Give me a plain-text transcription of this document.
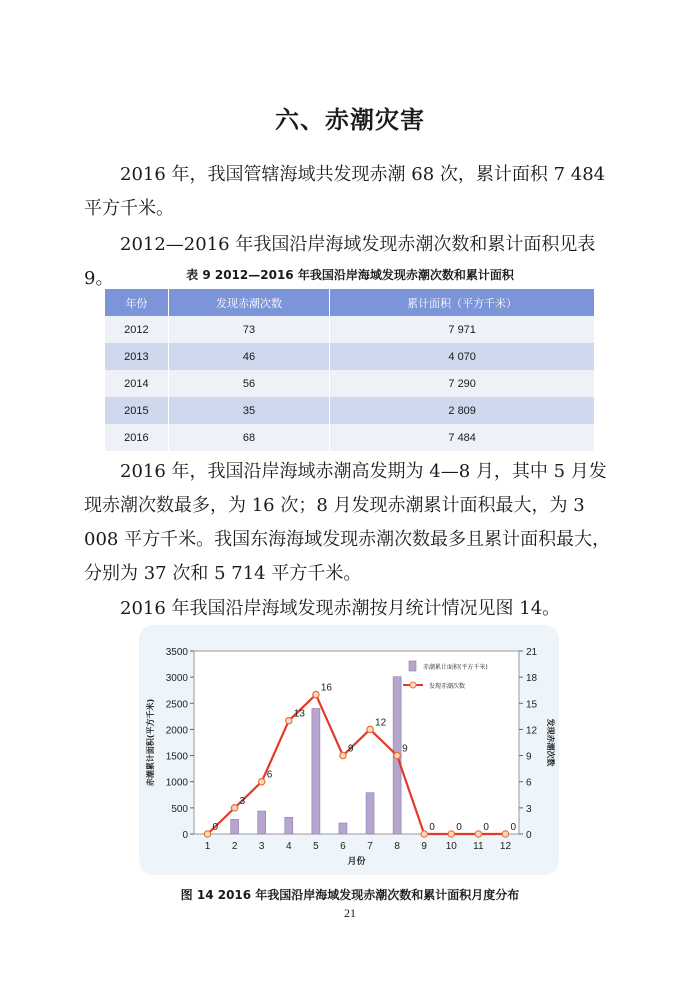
六、赤潮灾害

2016 年，我国管辖海域共发现赤潮 68 次，累计面积 7 484 平方千米。

2012—2016 年我国沿岸海域发现赤潮次数和累计面积见表 9。	表 9 2012—2016 年我国沿岸海域发现赤潮次数和累计面积
年份	发现赤潮次数	累计面积（平方千米）
2012	73	7 971
2013	46	4 070
2014	56	7 290
2015	35	2 809
2016	68	7 484

2016 年，我国沿岸海域赤潮高发期为 4—8 月，其中 5 月发现赤潮次数最多，为 16 次；8 月发现赤潮累计面积最大，为 3 008 平方千米。我国东海海域发现赤潮次数最多且累计面积最大，分别为 37 次和 5 714 平方千米。

2016 年我国沿岸海域发现赤潮按月统计情况见图 14。

0
500
1000
1500
2000
2500
3000
3500
0
3
6
9
12
15
18
21
1 2 3 4 5 6 7 8 9 10 11 12
月份
赤潮累计面积(平方千米)	发现赤潮次数
0
3
6
13
16
9
12
9
0 0 0 0
赤潮累计面积(平方千米)
发现赤潮次数
图 14 2016 年我国沿岸海域发现赤潮次数和累计面积月度分布
21
